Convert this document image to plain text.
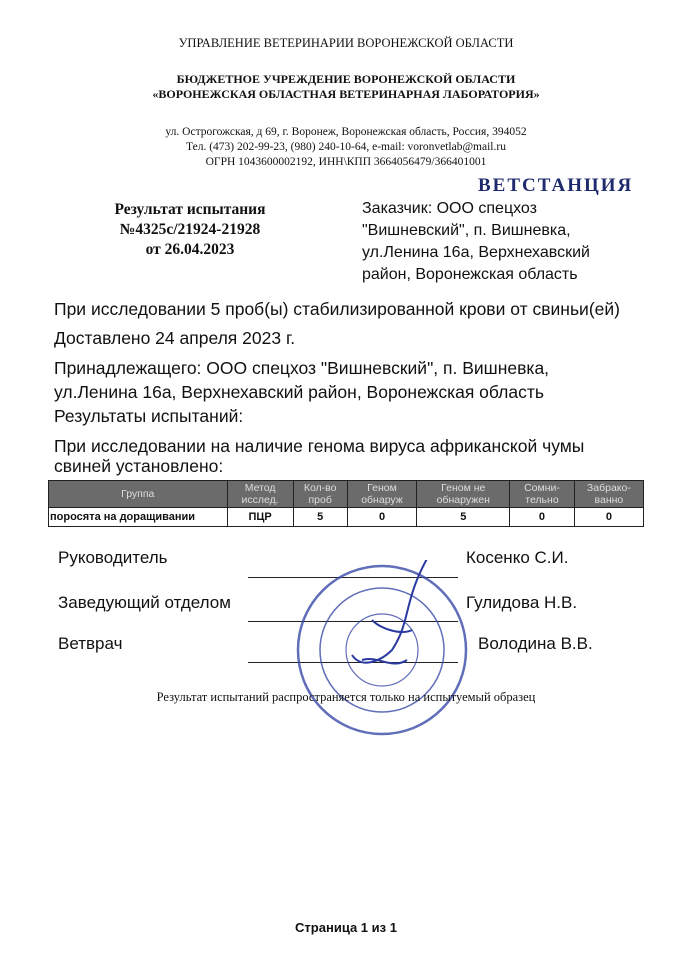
УПРАВЛЕНИЕ ВЕТЕРИНАРИИ ВОРОНЕЖСКОЙ ОБЛАСТИ
БЮДЖЕТНОЕ УЧРЕЖДЕНИЕ ВОРОНЕЖСКОЙ ОБЛАСТИ
«ВОРОНЕЖСКАЯ ОБЛАСТНАЯ ВЕТЕРИНАРНАЯ ЛАБОРАТОРИЯ»
ул. Острогожская, д 69, г. Воронеж, Воронежская область, Россия, 394052
Тел. (473) 202-99-23, (980) 240-10-64, e-mail: voronvetlab@mail.ru
ОГРН 1043600002192, ИНН\КПП 3664056479/366401001
ВЕТСТАНЦИЯ
Результат испытания
№4325с/21924-21928
от 26.04.2023
Заказчик: ООО спецхоз
"Вишневский", п. Вишневка,
ул.Ленина 16а, Верхнехавский
район, Воронежская область
При исследовании 5 проб(ы) стабилизированной крови от свиньи(ей)
Доставлено 24 апреля 2023 г.
Принадлежащего: ООО спецхоз "Вишневский", п. Вишневка,
ул.Ленина 16а, Верхнехавский район, Воронежская область
Результаты испытаний:
При исследовании на наличие генома вируса африканской чумы
свиней установлено:
Группа	Метод исслед.	Кол-во проб	Геном обнаруж	Геном не обнаружен	Сомни-тельно	Забрако-ванно
поросята на доращивании	ПЦР	5	0	5	0	0
Руководитель	Косенко С.И.
Заведующий отделом	Гулидова Н.В.
Ветврач	Володина В.В.
Результат испытаний распространяется только на испытуемый образец
Страница 1 из 1
